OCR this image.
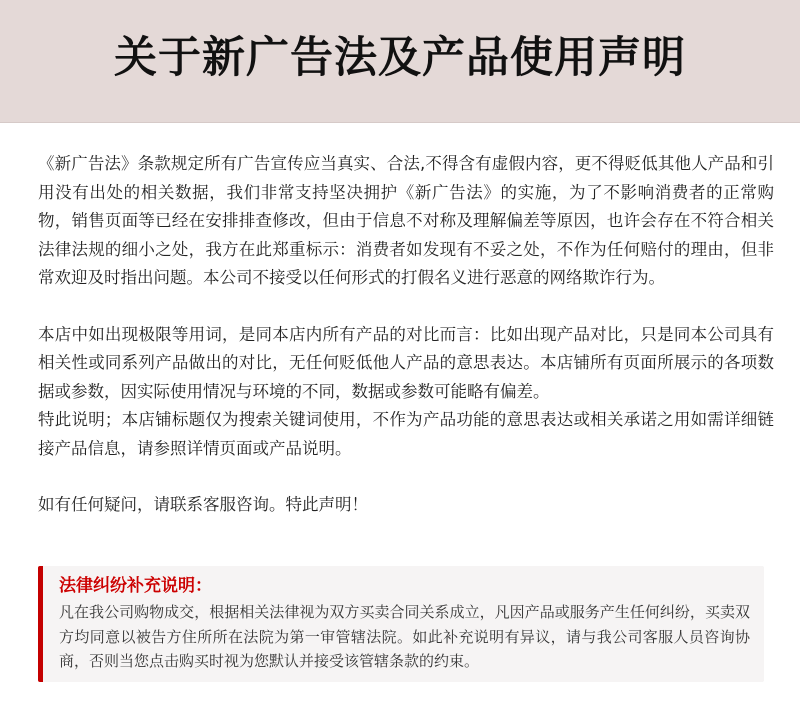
关于新广告法及产品使用声明

《新广告法》条款规定所有广告宣传应当真实、合法,不得含有虚假内容，更不得贬低其他人产品和引用没有出处的相关数据，我们非常支持坚决拥护《新广告法》的实施，为了不影响消费者的正常购物，销售页面等已经在安排排查修改，但由于信息不对称及理解偏差等原因，也许会存在不符合相关法律法规的细小之处，我方在此郑重标示：消费者如发现有不妥之处，不作为任何赔付的理由，但非常欢迎及时指出问题。本公司不接受以任何形式的打假名义进行恶意的网络欺诈行为。

本店中如出现极限等用词，是同本店内所有产品的对比而言：比如出现产品对比，只是同本公司具有相关性或同系列产品做出的对比，无任何贬低他人产品的意思表达。本店铺所有页面所展示的各项数据或参数，因实际使用情况与环境的不同，数据或参数可能略有偏差。

特此说明；本店铺标题仅为搜索关键词使用，不作为产品功能的意思表达或相关承诺之用如需详细链接产品信息，请参照详情页面或产品说明。

如有任何疑问，请联系客服咨询。特此声明！

法律纠纷补充说明：

凡在我公司购物成交，根据相关法律视为双方买卖合同关系成立，凡因产品或服务产生任何纠纷，买卖双方均同意以被告方住所所在法院为第一审管辖法院。如此补充说明有异议，请与我公司客服人员咨询协商，否则当您点击购买时视为您默认并接受该管辖条款的约束。
